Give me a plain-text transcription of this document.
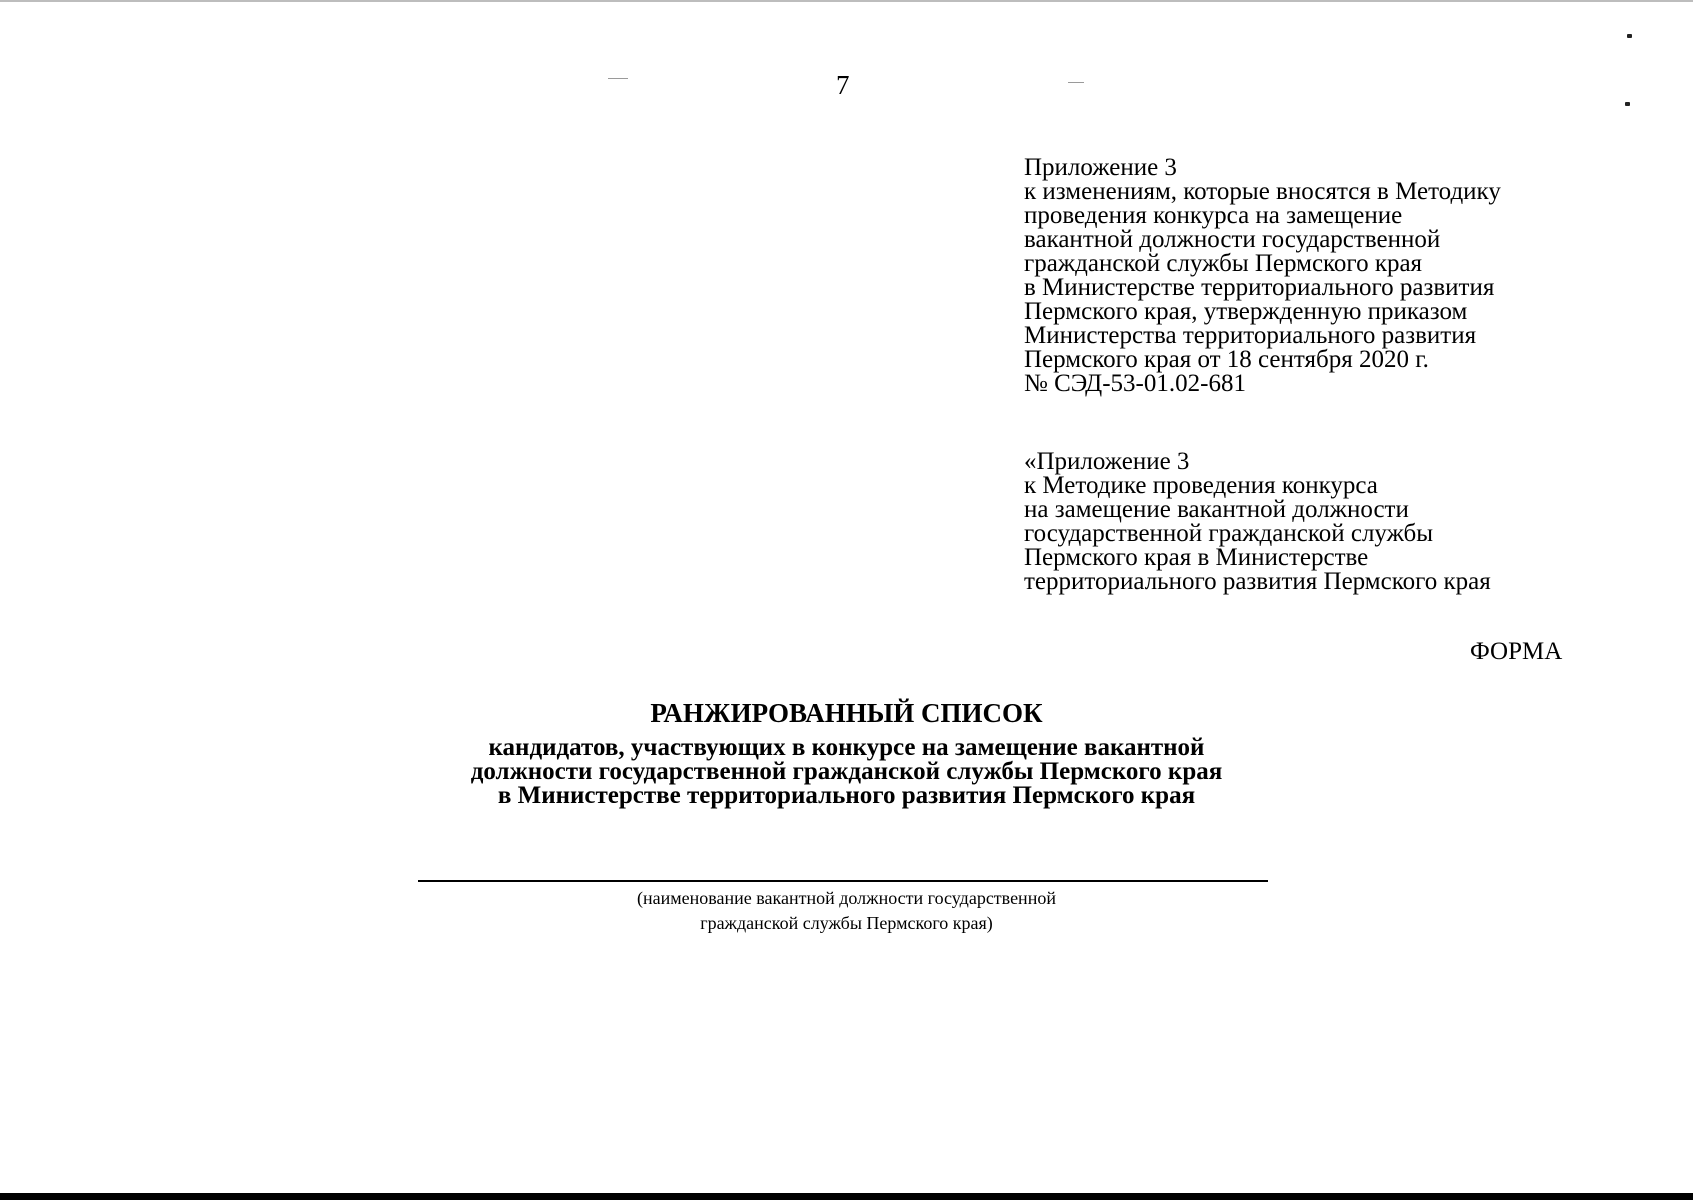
7
Приложение 3
к изменениям, которые вносятся в Методику
проведения конкурса на замещение
вакантной должности государственной
гражданской службы Пермского края
в Министерстве территориального развития
Пермского края, утвержденную приказом
Министерства территориального развития
Пермского края от 18 сентября 2020 г.
№ СЭД-53-01.02-681
«Приложение 3
к Методике проведения конкурса
на замещение вакантной должности
государственной гражданской службы
Пермского края в Министерстве
территориального развития Пермского края
ФОРМА
РАНЖИРОВАННЫЙ СПИСОК
кандидатов, участвующих в конкурсе на замещение вакантной
должности государственной гражданской службы Пермского края
в Министерстве территориального развития Пермского края
(наименование вакантной должности государственной
гражданской службы Пермского края)
